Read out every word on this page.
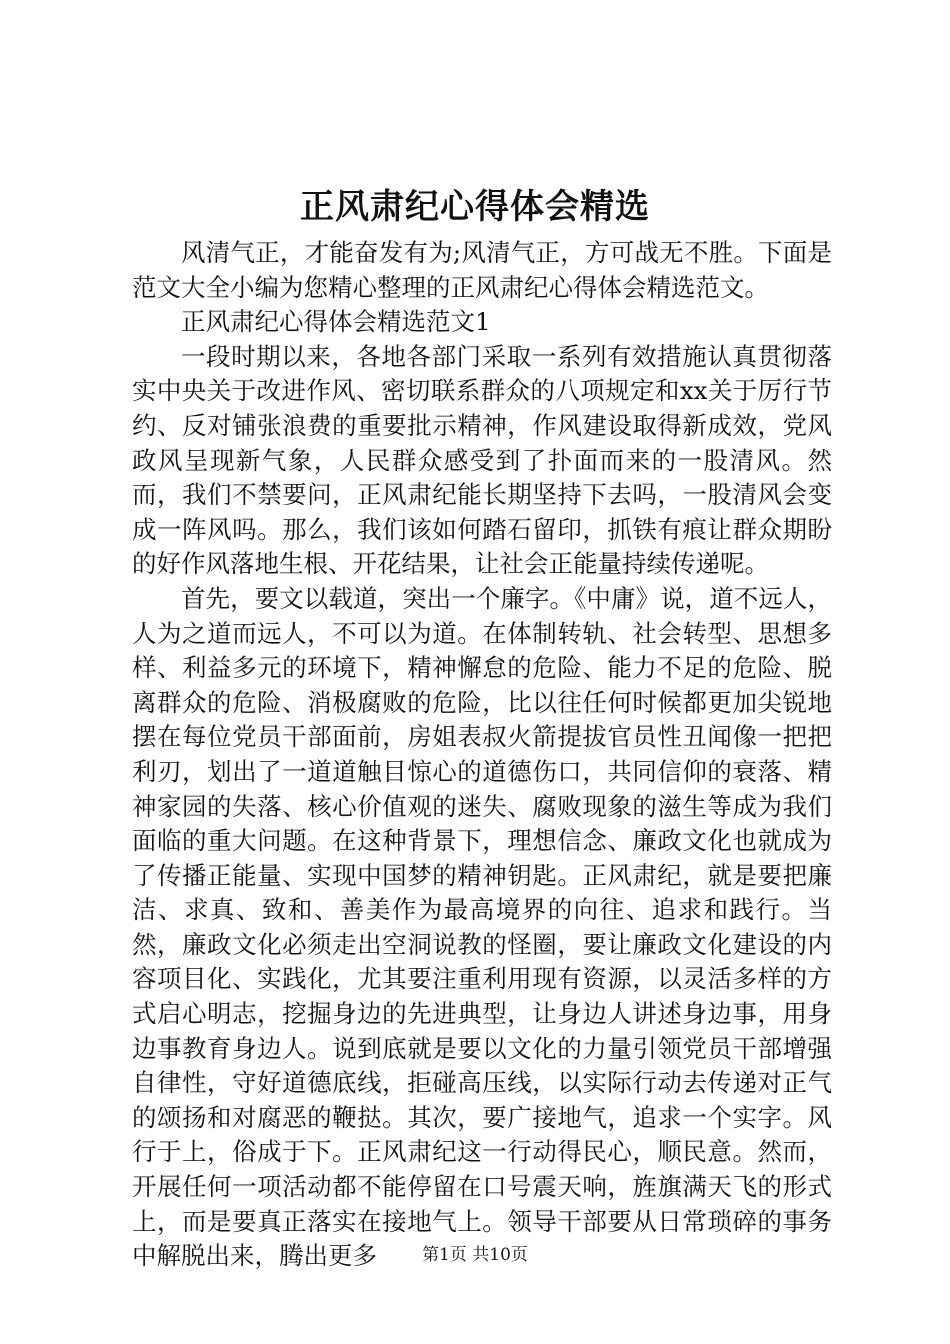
正风肃纪心得体会精选

风清气正，才能奋发有为;风清气正，方可战无不胜。下面是范文大全小编为您精心整理的正风肃纪心得体会精选范文。

正风肃纪心得体会精选范文1

一段时期以来，各地各部门采取一系列有效措施认真贯彻落实中央关于改进作风、密切联系群众的八项规定和xx关于厉行节约、反对铺张浪费的重要批示精神，作风建设取得新成效，党风政风呈现新气象，人民群众感受到了扑面而来的一股清风。然而，我们不禁要问，正风肃纪能长期坚持下去吗，一股清风会变成一阵风吗。那么，我们该如何踏石留印，抓铁有痕让群众期盼的好作风落地生根、开花结果，让社会正能量持续传递呢。

首先，要文以载道，突出一个廉字。《中庸》说，道不远人，人为之道而远人，不可以为道。在体制转轨、社会转型、思想多样、利益多元的环境下，精神懈怠的危险、能力不足的危险、脱离群众的危险、消极腐败的危险，比以往任何时候都更加尖锐地摆在每位党员干部面前，房姐表叔火箭提拔官员性丑闻像一把把利刃，划出了一道道触目惊心的道德伤口，共同信仰的衰落、精神家园的失落、核心价值观的迷失、腐败现象的滋生等成为我们面临的重大问题。在这种背景下，理想信念、廉政文化也就成为了传播正能量、实现中国梦的精神钥匙。正风肃纪，就是要把廉洁、求真、致和、善美作为最高境界的向往、追求和践行。当然，廉政文化必须走出空洞说教的怪圈，要让廉政文化建设的内容项目化、实践化，尤其要注重利用现有资源，以灵活多样的方式启心明志，挖掘身边的先进典型，让身边人讲述身边事，用身边事教育身边人。说到底就是要以文化的力量引领党员干部增强自律性，守好道德底线，拒碰高压线，以实际行动去传递对正气的颂扬和对腐恶的鞭挞。其次，要广接地气，追求一个实字。风行于上，俗成于下。正风肃纪这一行动得民心，顺民意。然而，开展任何一项活动都不能停留在口号震天响，旌旗满天飞的形式上，而是要真正落实在接地气上。领导干部要从日常琐碎的事务中解脱出来，腾出更多	第1页 共10页
